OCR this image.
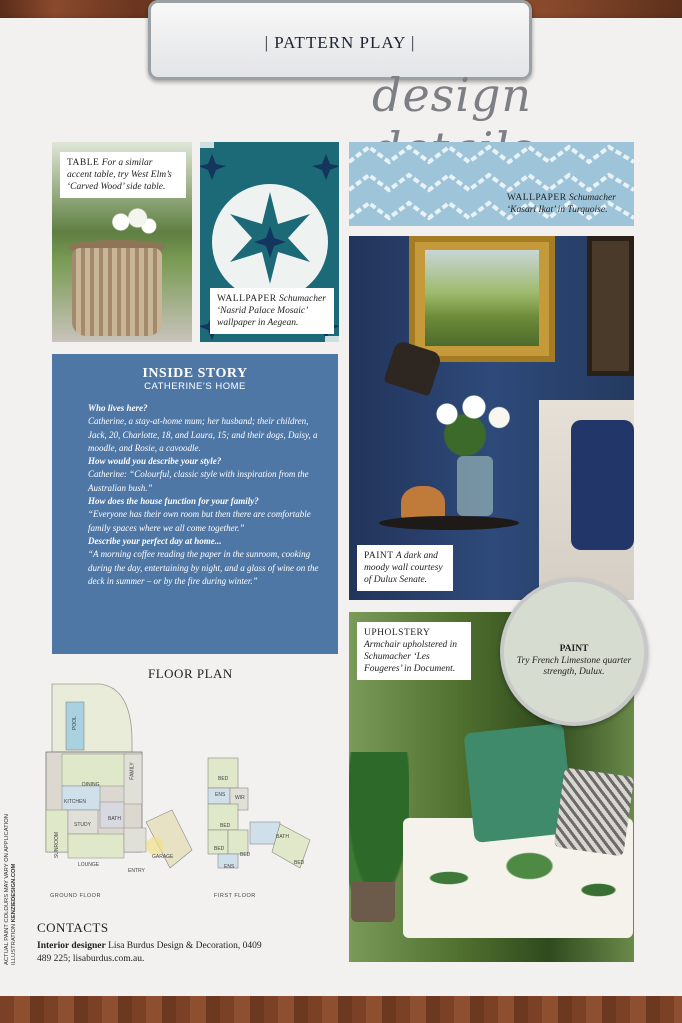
| PATTERN PLAY |
design
TABLE For a similar accent table, try West Elm’s ‘Carved Wood’ side table.
WALLPAPER Schumacher ‘Nasrid Palace Mosaic’ wallpaper in Aegean.
WALLPAPER Schumacher ‘Kasari Ikat’ in Turquoise.
PAINT A dark and moody wall courtesy of Dulux Senate.
INSIDE STORY
CATHERINE’S HOME
Who lives here?
Catherine, a stay-at-home mum; her husband; their children, Jack, 20, Charlotte, 18, and Laura, 15; and their dogs, Daisy, a moodle, and Rosie, a cavoodle.
How would you describe your style?
Catherine: “Colourful, classic style with inspiration from the Australian bush.”
How does the house function for your family?
“Everyone has their own room but then there are comfortable family spaces where we all come together.”
Describe your perfect day at home...
“A morning coffee reading the paper in the sunroom, cooking during the day, entertaining by night, and a glass of wine on the deck in summer – or by the fire during winter.”
UPHOLSTERY Armchair upholstered in Schumacher ‘Les Fougeres’ in Document.
PAINT
Try French Limestone quarter strength, Dulux.
FLOOR PLAN
POOL
DINING
FAMILY
KITCHEN
STUDY
BATH
SUNROOM
LOUNGE
ENTRY
GARAGE
BED
ENS WIR
BED
BED
BED
ENS
BATH
BED
GROUND FLOOR	FIRST FLOOR
CONTACTS
Interior designer Lisa Burdus Design & Decoration, 0409 489 225; lisaburdus.com.au.
ACTUAL PAINT COLOURS MAY VARY ON APPLICATION
ILLUSTRATION KENZIEDESIGN.COM
